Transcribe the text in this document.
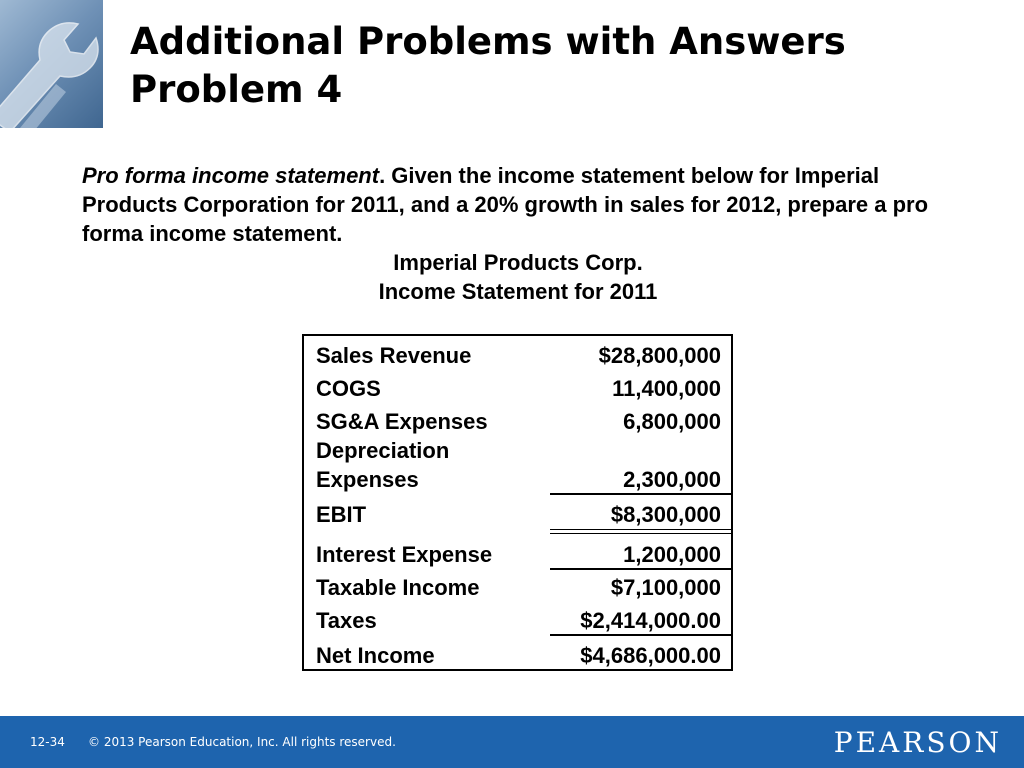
Additional Problems with Answers
Problem 4
Pro forma income statement. Given the income statement below for Imperial Products Corporation for 2011, and a 20% growth in sales for 2012, prepare a pro forma income statement.
Imperial Products Corp.
Income Statement for 2011
Sales Revenue	$28,800,000
COGS	11,400,000
SG&A Expenses	6,800,000
Depreciation
Expenses	2,300,000
EBIT	$8,300,000
Interest Expense	1,200,000
Taxable Income	$7,100,000
Taxes	$2,414,000.00
Net Income	$4,686,000.00
12-34 © 2013 Pearson Education, Inc. All rights reserved.	PEARSON
